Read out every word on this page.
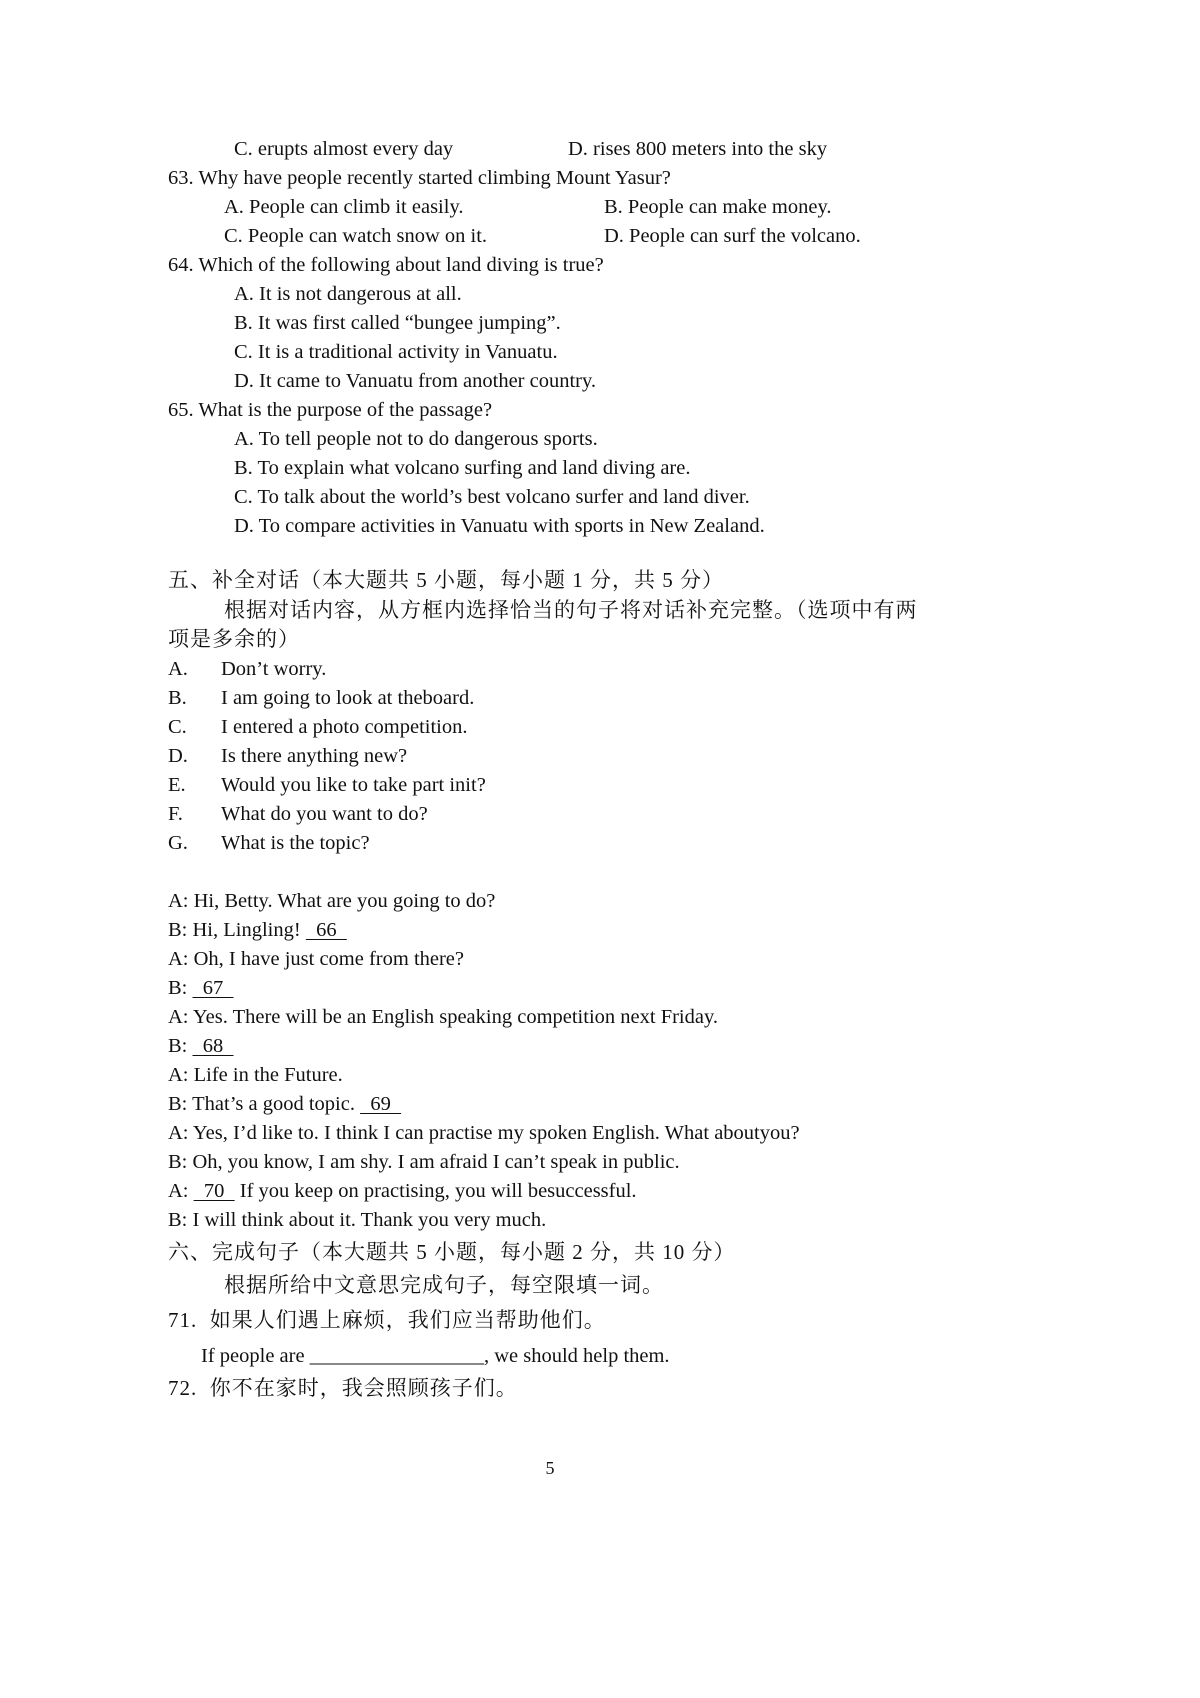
C. erupts almost every day	D. rises 800 meters into the sky
63. Why have people recently started climbing Mount Yasur?
A. People can climb it easily.	B. People can make money.
C. People can watch snow on it.	D. People can surf the volcano.
64. Which of the following about land diving is true?
A. It is not dangerous at all.
B. It was first called “bungee jumping”.
C. It is a traditional activity in Vanuatu.
D. It came to Vanuatu from another country.
65. What is the purpose of the passage?
A. To tell people not to do dangerous sports.
B. To explain what volcano surfing and land diving are.
C. To talk about the world’s best volcano surfer and land diver.
D. To compare activities in Vanuatu with sports in New Zealand.
五、补全对话（本大题共 5 小题，每小题 1 分，共 5 分）
根据对话内容，从方框内选择恰当的句子将对话补充完整。（选项中有两
项是多余的）
A. Don’t worry.
B. I am going to look at theboard.
C. I entered a photo competition.
D. Is there anything new?
E. Would you like to take part init?
F. What do you want to do?
G. What is the topic?
A: Hi, Betty. What are you going to do?
B: Hi, Lingling!   66
A: Oh, I have just come from there?
B:   67
A: Yes. There will be an English speaking competition next Friday.
B:   68
A: Life in the Future.
B: That’s a good topic.   69
A: Yes, I’d like to. I think I can practise my spoken English. What aboutyou?
B: Oh, you know, I am shy. I am afraid I can’t speak in public.
A:   70   If you keep on practising, you will besuccessful.
B: I will think about it. Thank you very much.
六、完成句子（本大题共 5 小题，每小题 2 分，共 10 分）
根据所给中文意思完成句子，每空限填一词。
71.  如果人们遇上麻烦，我们应当帮助他们。
If people are _________________, we should help them.
72.  你不在家时，我会照顾孩子们。
5
